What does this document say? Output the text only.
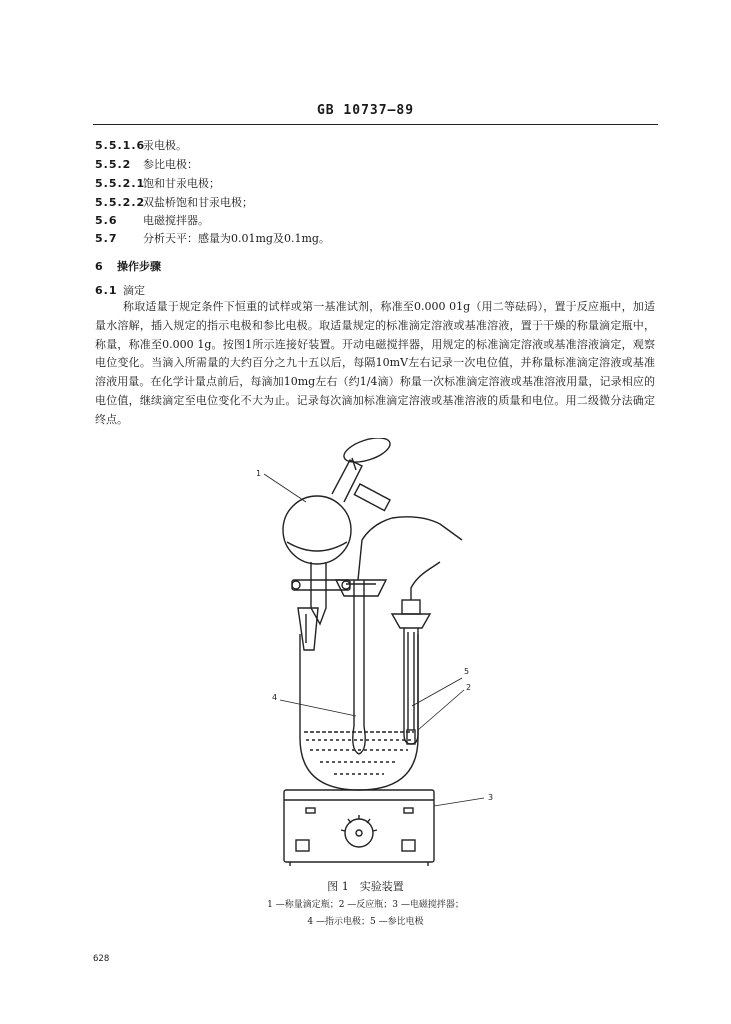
GB 10737—89
5.5.1.6汞电极。
5.5.2 参比电极：
5.5.2.1饱和甘汞电极；
5.5.2.2双盐桥饱和甘汞电极；
5.6 电磁搅拌器。
5.7 分析天平：感量为0.01mg及0.1mg。
6 操作步骤
6.1 滴定
称取适量于规定条件下恒重的试样或第一基准试剂，称准至0.000 01g（用二等砝码），置于反应瓶中，加适量水溶解，插入规定的指示电极和参比电极。取适量规定的标准滴定溶液或基准溶液，置于干燥的称量滴定瓶中，称量，称准至0.000 1g。按图1所示连接好装置。开动电磁搅拌器，用规定的标准滴定溶液或基准溶液滴定，观察电位变化。当滴入所需量的大约百分之九十五以后，每隔10mV左右记录一次电位值，并称量标准滴定溶液或基准溶液用量。在化学计量点前后，每滴加10mg左右（约1/4滴）称量一次标准滴定溶液或基准溶液用量，记录相应的电位值，继续滴定至电位变化不大为止。记录每次滴加标准滴定溶液或基准溶液的质量和电位。用二级微分法确定终点。
1
2
3
4
5
图 1　实验装置
1 —称量滴定瓶；2 —反应瓶；3 —电磁搅拌器；
4 —指示电极；5 —参比电极
628
